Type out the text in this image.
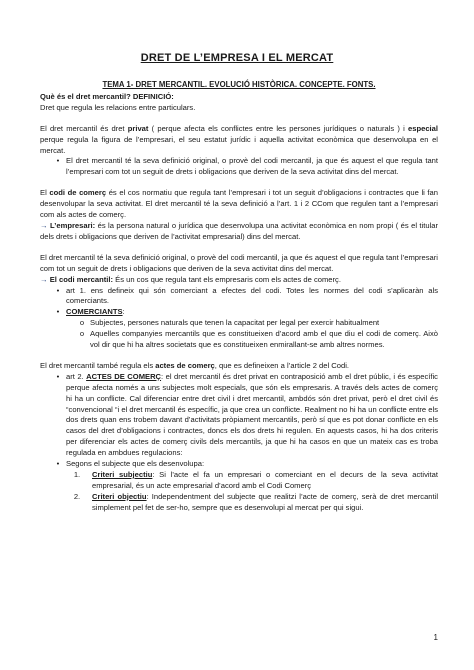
DRET DE L’EMPRESA I EL MERCAT

TEMA 1- DRET MERCANTIL. EVOLUCIÓ HISTÒRICA. CONCEPTE. FONTS.

Què és el dret mercantil? DEFINICIÓ:

Dret que regula les relacions entre particulars.

El dret mercantil és dret privat ( perque afecta els conflictes entre les persones jurídiques o naturals ) i especial perque regula la figura de l’empresari, el seu estatut jurídic i aquella activitat econòmica que desenvolupa en el mercat.

• El dret mercantil té la seva definició original, o provè del codi mercantil, ja que és aquest el que regula tant l’empresari com tot un seguit de drets i obligacions que deriven de la seva activitat dins del mercat.

El codi de comerç és el cos normatiu que regula tant l’empresari i tot un seguit d’obligacions i contractes que li fan desenvolupar la seva activitat. El dret mercantil té la seva definició a l’art. 1 i 2 CCom que regulen tant a l’empresari com als actes de comerç.

→ L’empresari: és la persona natural o jurídica que desenvolupa una activitat econòmica en nom propi ( és el titular dels drets i obligacions que deriven de l’activitat empresarial) dins del mercat.

El dret mercantil té la seva definició original, o provè del codi mercantil, ja que és aquest el que regula tant l’empresari com tot un seguit de drets i obligacions que deriven de la seva activitat dins del mercat.

→ El codi mercantil: És un cos que regula tant els empresaris com els actes de comerç.

• art 1. ens defineix qui són comerciant a efectes del codi. Totes les normes del codi s’aplicaràn als comerciants.
• COMERCIANTS:
o Subjectes, persones naturals que tenen la capacitat per legal per exercir habitualment
o Aquelles companyies mercantils que es constitueixen d’acord amb el que diu el codi de comerç. Això vol dir que hi ha altres societats que es constitueixen enmirallant-se amb altres normes.

El dret mercantil també regula els actes de comerç, que es defineixen a l’article 2 del Codi.

• art 2. ACTES DE COMERÇ: el dret mercantil és dret privat en contraposició amb el dret públic, i és específic perque afecta només a uns subjectes molt especials, que són els empresaris. A través dels actes de comerç hi ha un conflicte. Cal diferenciar entre dret civil i dret mercantil, ambdós són dret privat, però el dret civil és “convencional “i el dret mercantil és específic, ja que crea un conflicte. Realment no hi ha un conflicte entre els dos drets quan ens trobem davant d’activitats pròpiament mercantils, però sí que es pot donar conflicte en els casos del dret d’obligacions i contractes, doncs els dos drets hi regulen. En aquests casos, hi ha dos criteris per diferenciar els actes de comerç civils dels mercantils, ja que hi ha casos en que un mateix cas es troba regulada en ambdues regulacions:
• Segons el subjecte que els desenvolupa:
1.	Criteri subjectiu: Si l’acte el fa un empresari o comerciant en el decurs de la seva activitat empresarial, és un acte empresarial d’acord amb el Codi Comerç
2.	Criteri objectiu: Independentment del subjecte que realitzi l’acte de comerç, serà de dret mercantil simplement pel fet de ser-ho, sempre que es desenvolupi al mercat per qui sigui.
1
